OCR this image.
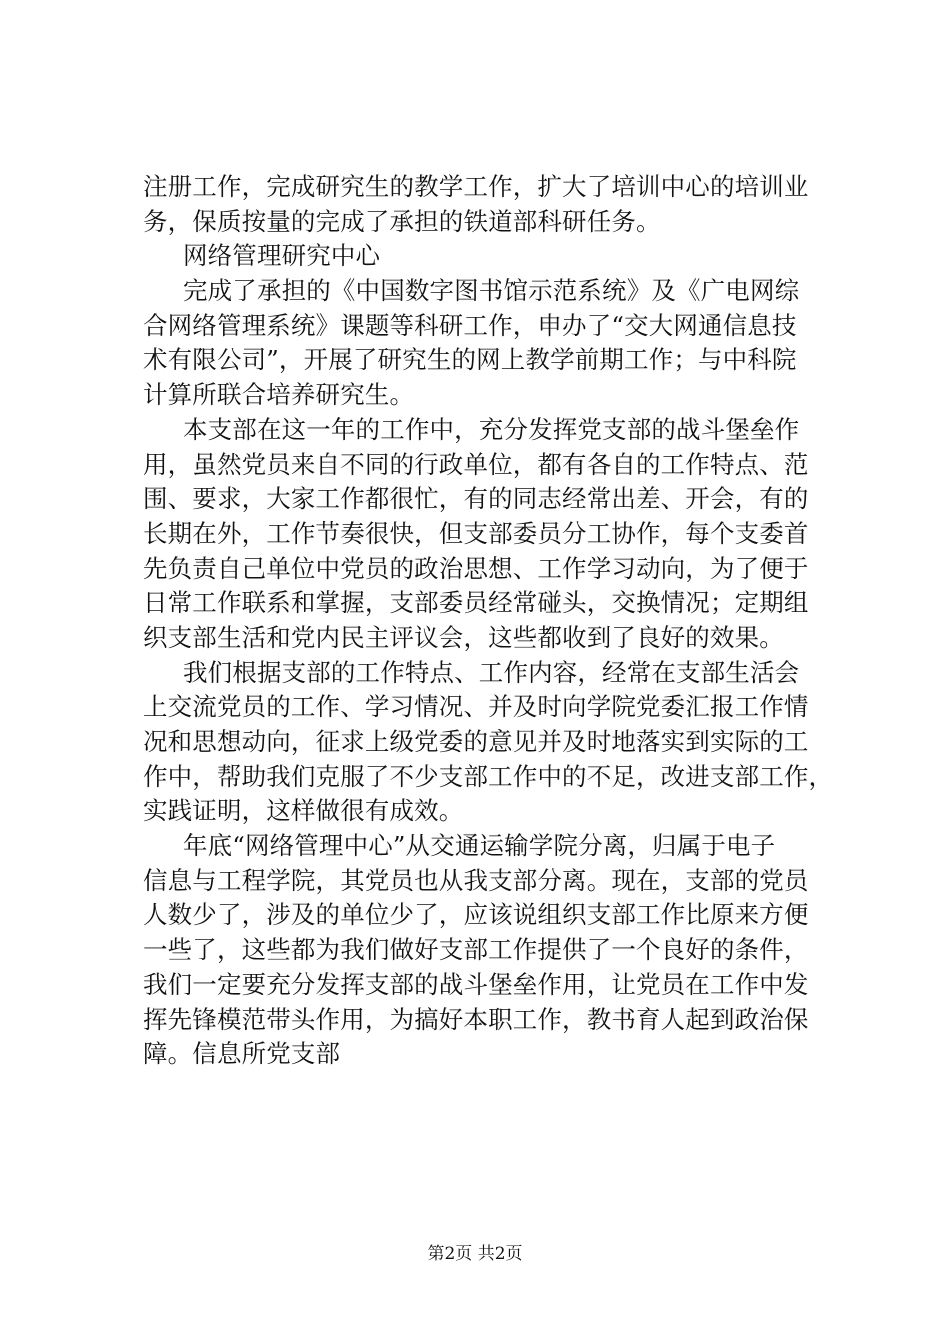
注册工作，完成研究生的教学工作，扩大了培训中心的培训业
务，保质按量的完成了承担的铁道部科研任务。
网络管理研究中心
完成了承担的《中国数字图书馆示范系统》及《广电网综
合网络管理系统》课题等科研工作，申办了“交大网通信息技
术有限公司”，开展了研究生的网上教学前期工作；与中科院
计算所联合培养研究生。
本支部在这一年的工作中，充分发挥党支部的战斗堡垒作
用，虽然党员来自不同的行政单位，都有各自的工作特点、范
围、要求，大家工作都很忙，有的同志经常出差、开会，有的
长期在外，工作节奏很快，但支部委员分工协作，每个支委首
先负责自己单位中党员的政治思想、工作学习动向，为了便于
日常工作联系和掌握，支部委员经常碰头，交换情况；定期组
织支部生活和党内民主评议会，这些都收到了良好的效果。
我们根据支部的工作特点、工作内容，经常在支部生活会
上交流党员的工作、学习情况、并及时向学院党委汇报工作情
况和思想动向，征求上级党委的意见并及时地落实到实际的工
作中，帮助我们克服了不少支部工作中的不足，改进支部工作，
实践证明，这样做很有成效。
年底“网络管理中心”从交通运输学院分离，归属于电子
信息与工程学院，其党员也从我支部分离。现在，支部的党员
人数少了，涉及的单位少了，应该说组织支部工作比原来方便
一些了，这些都为我们做好支部工作提供了一个良好的条件，
我们一定要充分发挥支部的战斗堡垒作用，让党员在工作中发
挥先锋模范带头作用，为搞好本职工作，教书育人起到政治保
障。信息所党支部
第2页 共2页
